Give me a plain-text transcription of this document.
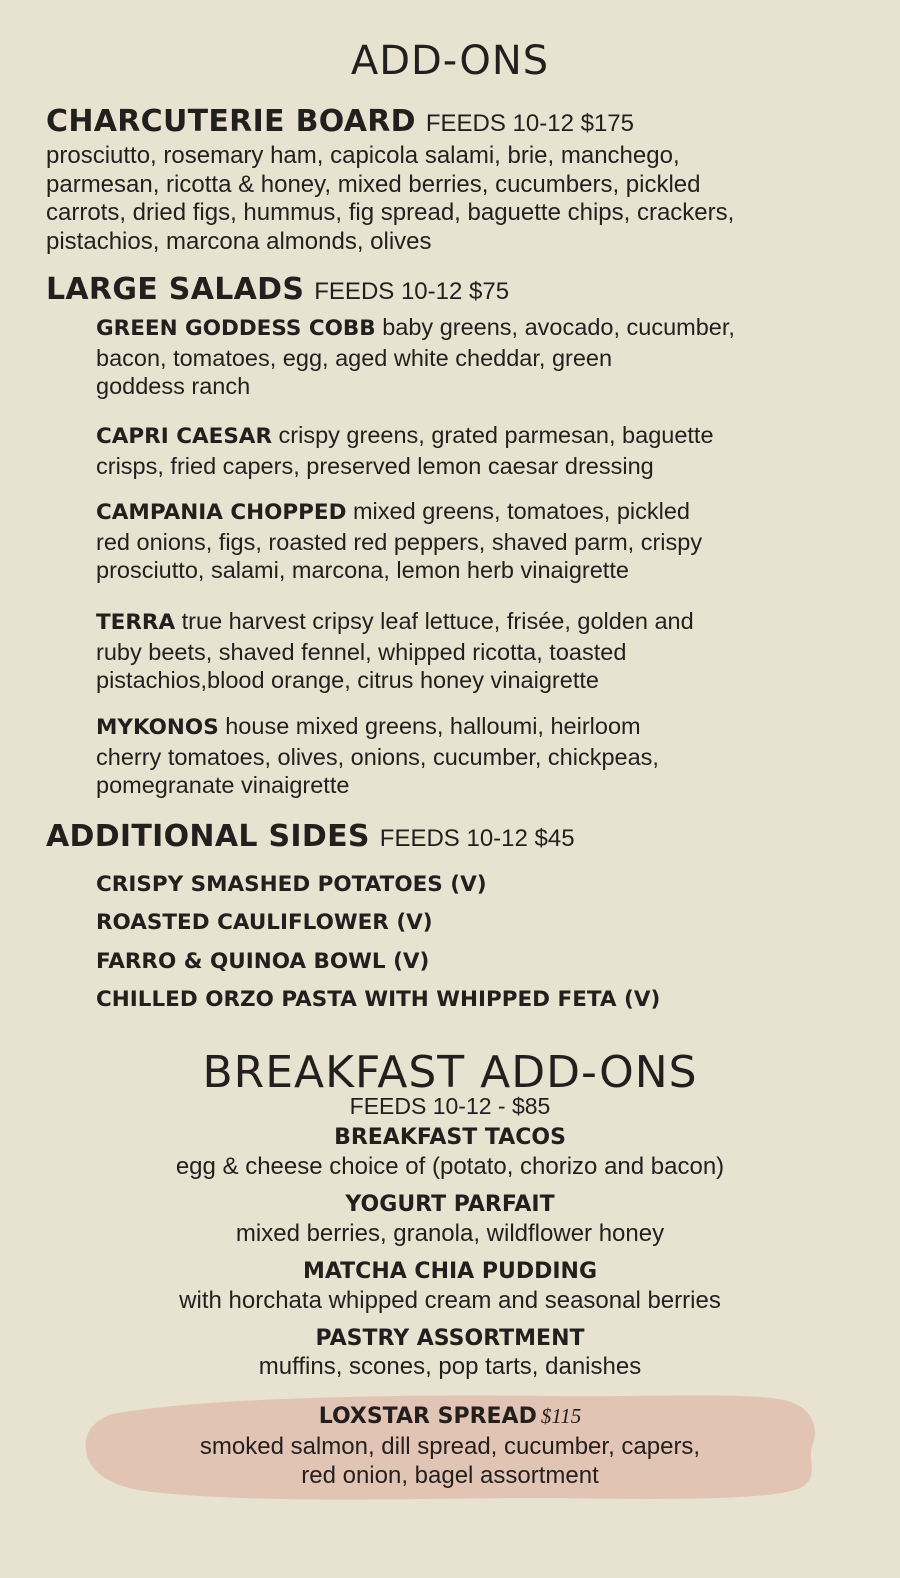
ADD-ONS
CHARCUTERIE BOARD FEEDS 10-12 $175
prosciutto, rosemary ham, capicola salami, brie, manchego,
parmesan, ricotta & honey, mixed berries, cucumbers, pickled
carrots, dried figs, hummus, fig spread, baguette chips, crackers,
pistachios, marcona almonds, olives
LARGE SALADS FEEDS 10-12 $75
GREEN GODDESS COBB baby greens, avocado, cucumber,
bacon, tomatoes, egg, aged white cheddar, green
goddess ranch
CAPRI CAESAR crispy greens, grated parmesan, baguette
crisps, fried capers, preserved lemon caesar dressing
CAMPANIA CHOPPED mixed greens, tomatoes, pickled
red onions, figs, roasted red peppers, shaved parm, crispy
prosciutto, salami, marcona, lemon herb vinaigrette
TERRA true harvest cripsy leaf lettuce, frisée, golden and
ruby beets, shaved fennel, whipped ricotta, toasted
pistachios,blood orange, citrus honey vinaigrette
MYKONOS house mixed greens, halloumi, heirloom
cherry tomatoes, olives, onions, cucumber, chickpeas,
pomegranate vinaigrette
ADDITIONAL SIDES FEEDS 10-12 $45
CRISPY SMASHED POTATOES (V)
ROASTED CAULIFLOWER (V)
FARRO & QUINOA BOWL (V)
CHILLED ORZO PASTA WITH WHIPPED FETA (V)
BREAKFAST ADD-ONS
FEEDS 10-12 - $85
BREAKFAST TACOS
egg & cheese choice of (potato, chorizo and bacon)
YOGURT PARFAIT
mixed berries, granola, wildflower honey
MATCHA CHIA PUDDING
with horchata whipped cream and seasonal berries
PASTRY ASSORTMENT
muffins, scones, pop tarts, danishes
LOXSTAR SPREAD $115
smoked salmon, dill spread, cucumber, capers,
red onion, bagel assortment
